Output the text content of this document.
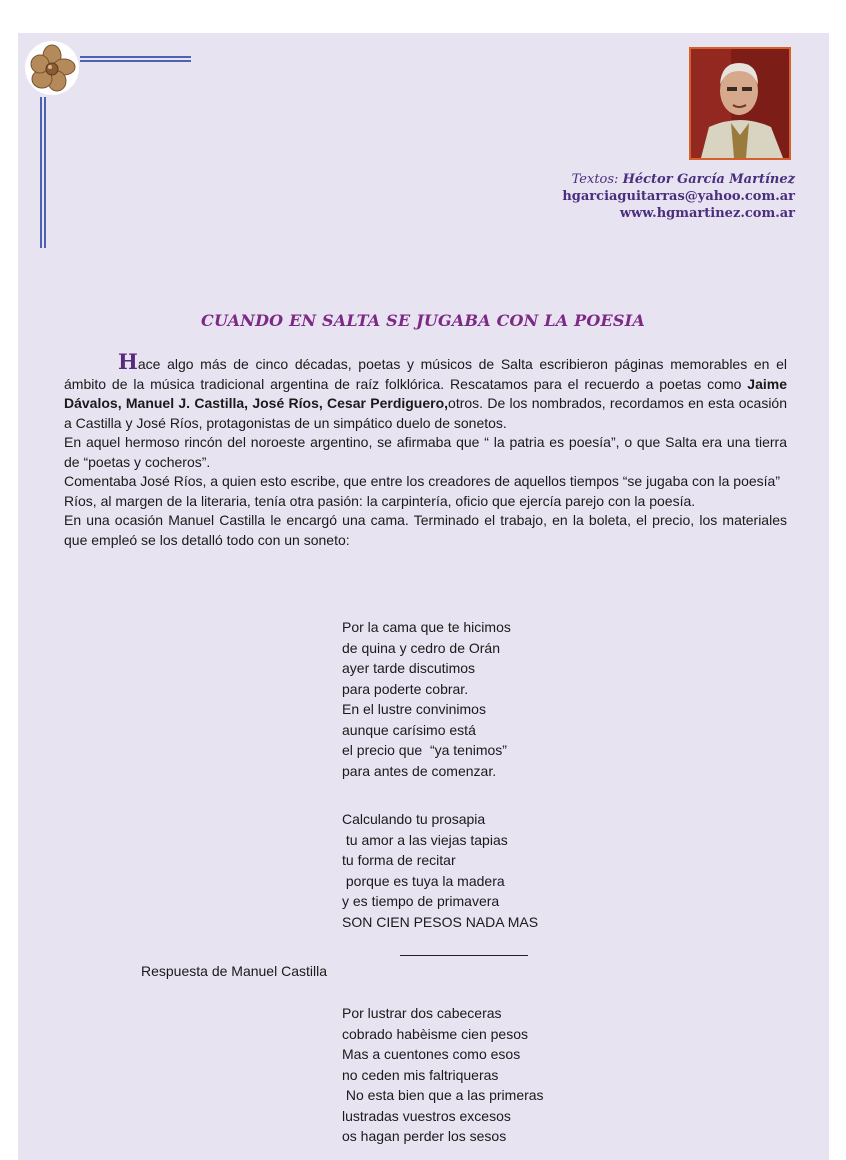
Textos: Héctor García Martínez
hgarciaguitarras@yahoo.com.ar
www.hgmartinez.com.ar
CUANDO EN SALTA SE JUGABA CON LA POESIA

Hace algo más de cinco décadas, poetas y músicos de Salta escribieron páginas memorables en el ámbito de la música tradicional argentina de raíz folklórica. Rescatamos para el recuerdo a poetas como Jaime Dávalos, Manuel J. Castilla, José Ríos, Cesar Perdiguero,otros. De los nombrados, recordamos en esta ocasión a Castilla y José Ríos, protagonistas de un simpático duelo de sonetos.

En aquel hermoso rincón del noroeste argentino, se afirmaba que “ la patria es poesía”, o que Salta era una tierra de “poetas y cocheros”.

Comentaba José Ríos, a quien esto escribe, que entre los creadores de aquellos tiempos “se jugaba con la poesía”

Ríos, al margen de la literaria, tenía otra pasión: la carpintería, oficio que ejercía parejo con la poesía.

En una ocasión Manuel Castilla le encargó una cama. Terminado el trabajo, en la boleta, el precio, los materiales que empleó se los detalló todo con un soneto:

Por la cama que te hicimos
de quina y cedro de Orán
ayer tarde discutimos
para poderte cobrar.
En el lustre convinimos
aunque carísimo está
el precio que  “ya tenimos”
para antes de comenzar.
Calculando tu prosapia
tu amor a las viejas tapias
tu forma de recitar
porque es tuya la madera
y es tiempo de primavera
SON CIEN PESOS NADA MAS
Respuesta de Manuel Castilla
Por lustrar dos cabeceras
cobrado habèisme cien pesos
Mas a cuentones como esos
no ceden mis faltriqueras
No esta bien que a las primeras
lustradas vuestros excesos
os hagan perder los sesos
